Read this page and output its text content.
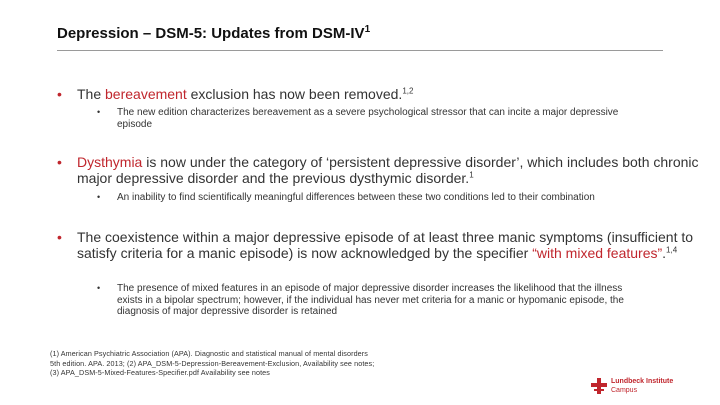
Depression – DSM-5: Updates from DSM-$IV^1$
• The bereavement exclusion has now been removed.$^{1,2}$
• The new edition characterizes bereavement as a severe psychological stressor that can incite a major depressive episode
• Dysthymia is now under the category of ‘persistent depressive disorder’, which includes both chronic major depressive disorder and the previous dysthymic disorder.$^1$
• An inability to find scientifically meaningful differences between these two conditions led to their combination
• The coexistence within a major depressive episode of at least three manic symptoms (insufficient to satisfy criteria for a manic episode) is now acknowledged by the specifier “with mixed features”.$^{1,4}$
• The presence of mixed features in an episode of major depressive disorder increases the likelihood that the illness exists in a bipolar spectrum; however, if the individual has never met criteria for a manic or hypomanic episode, the diagnosis of major depressive disorder is retained
(1) American Psychiatric Association (APA). Diagnostic and statistical manual of mental disorders 5th edition. APA. 2013; (2) APA_DSM-5-Depression-Bereavement-Exclusion, Availability see notes; (3) APA_DSM-5-Mixed-Features-Specifier.pdf Availability see notes
Lundbeck Institute
Campus
